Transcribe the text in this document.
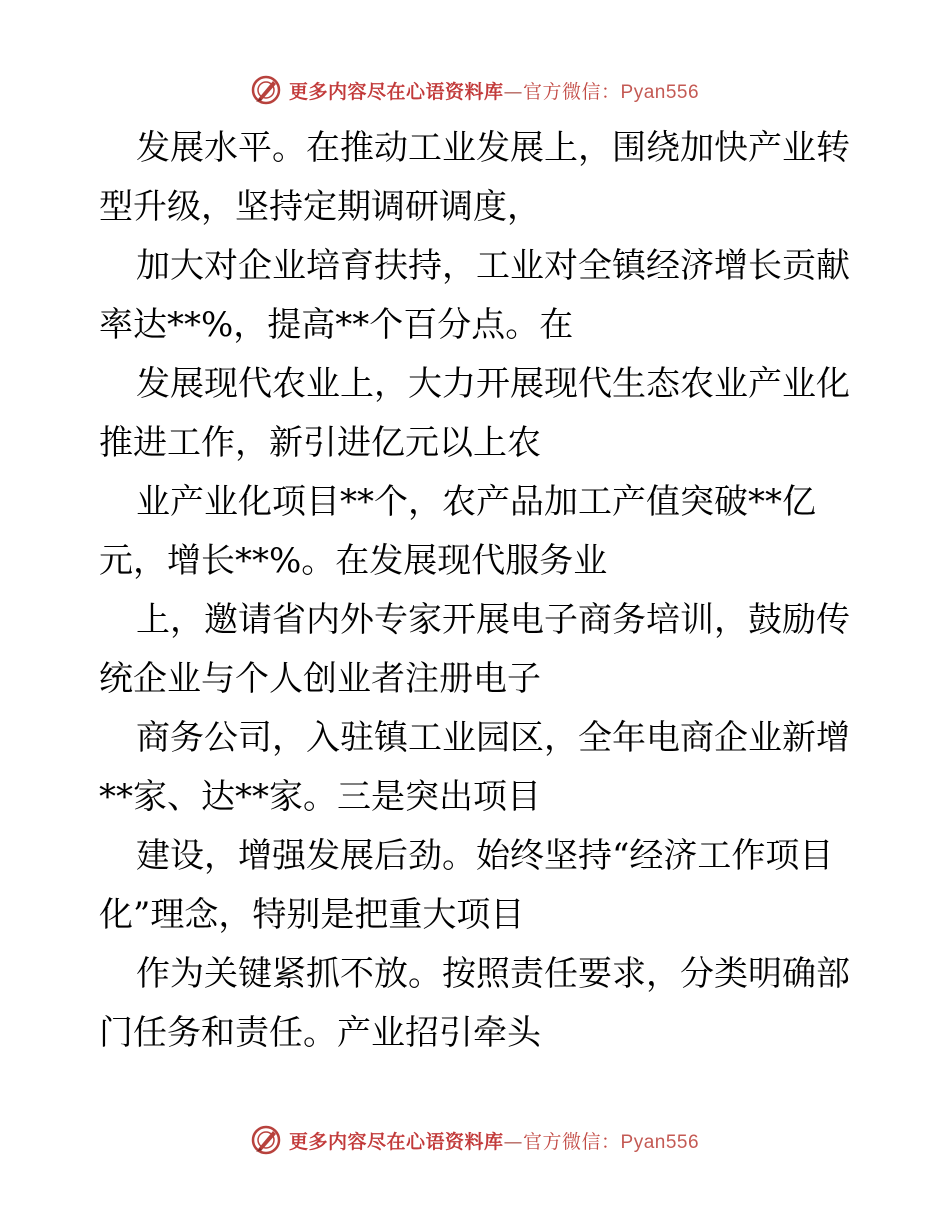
更多内容尽在心语资料库—官方微信：Pyan556
发展水平。在推动工业发展上，围绕加快产业转
型升级，坚持定期调研调度，
加大对企业培育扶持，工业对全镇经济增长贡献
率达**%，提高**个百分点。在
发展现代农业上，大力开展现代生态农业产业化
推进工作，新引进亿元以上农
业产业化项目**个，农产品加工产值突破**亿
元，增长**%。在发展现代服务业
上，邀请省内外专家开展电子商务培训，鼓励传
统企业与个人创业者注册电子
商务公司，入驻镇工业园区，全年电商企业新增
**家、达**家。三是突出项目
建设，增强发展后劲。始终坚持“经济工作项目
化”理念，特别是把重大项目
作为关键紧抓不放。按照责任要求，分类明确部
门任务和责任。产业招引牵头
更多内容尽在心语资料库—官方微信：Pyan556
